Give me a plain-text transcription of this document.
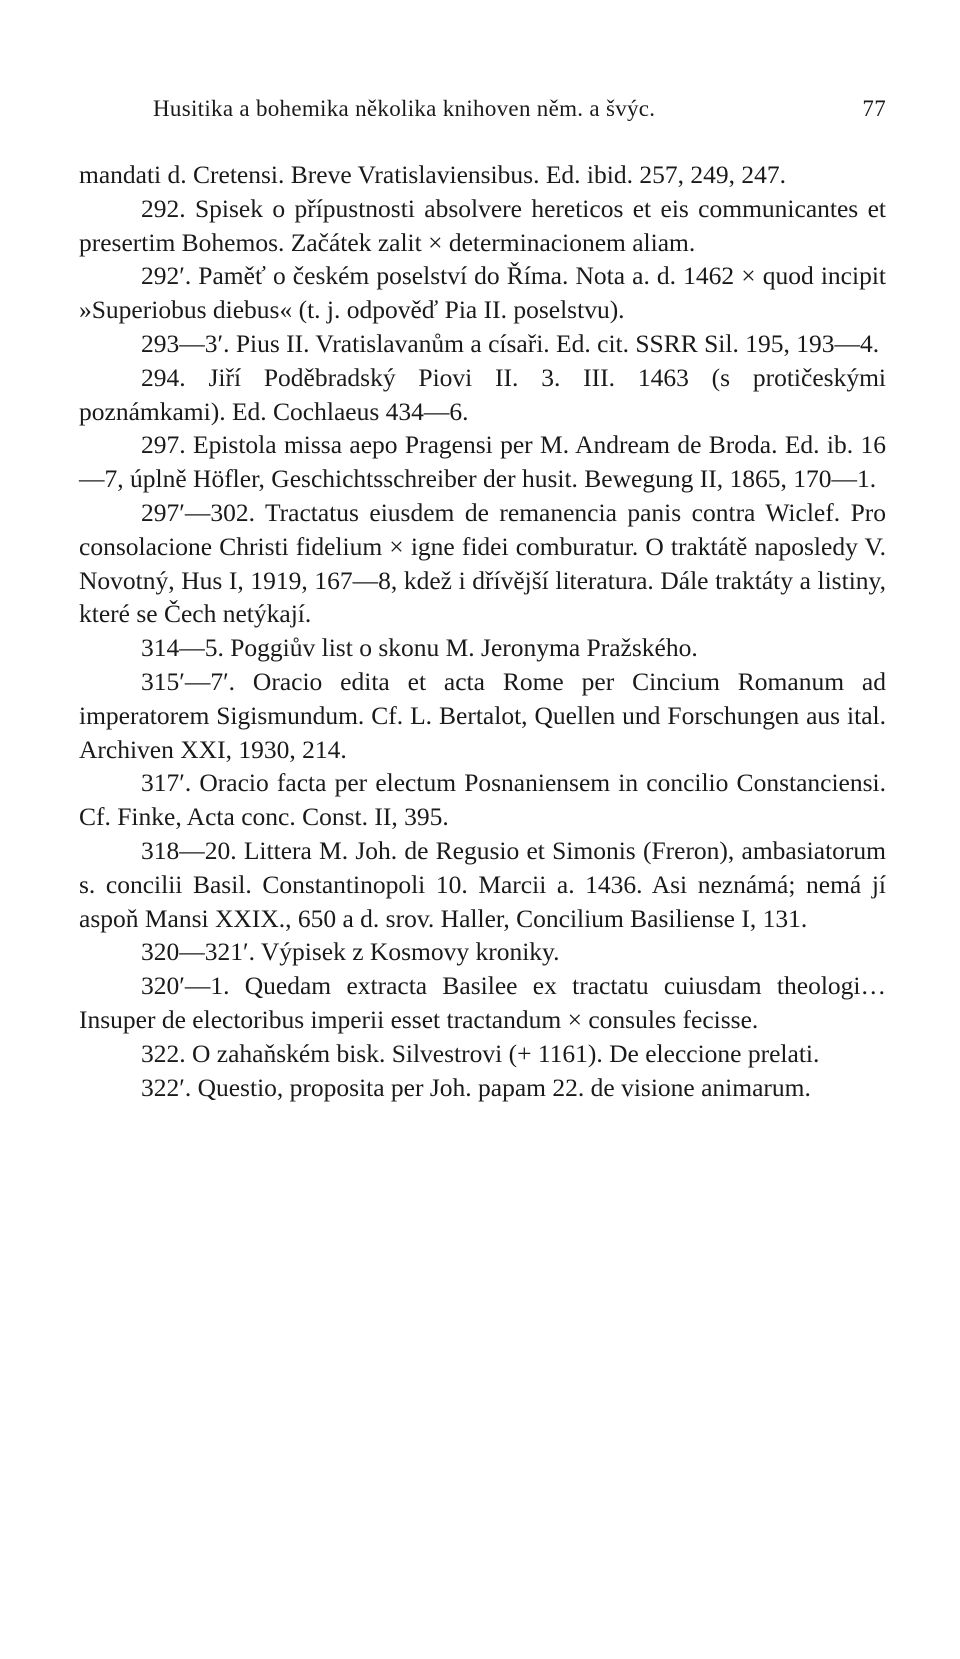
Husitika a bohemika několika knihoven něm. a švýc.	77

mandati d. Cretensi. Breve Vratislaviensibus. Ed. ibid. 257, 249, 247.

292. Spisek o přípustnosti absolvere hereticos et eis communicantes et presertim Bohemos. Začátek zalit × determinacionem aliam.

292′. Paměť o českém poselství do Říma. Nota a. d. 1462 × quod incipit »Superiobus diebus« (t. j. odpověď Pia II. poselstvu).

293—3′. Pius II. Vratislavanům a císaři. Ed. cit. SSRR Sil. 195, 193—4.

294. Jiří Poděbradský Piovi II. 3. III. 1463 (s protičeskými poznámkami). Ed. Cochlaeus 434—6.

297. Epistola missa aepo Pragensi per M. Andream de Broda. Ed. ib. 16—7, úplně Höfler, Geschichtsschreiber der husit. Bewegung II, 1865, 170—1.

297′—302. Tractatus eiusdem de remanencia panis contra Wiclef. Pro consolacione Christi fidelium × igne fidei comburatur. O traktátě naposledy V. Novotný, Hus I, 1919, 167—8, kdež i dřívější literatura. Dále traktáty a listiny, které se Čech netýkají.

314—5. Poggiův list o skonu M. Jeronyma Pražského.

315′—7′. Oracio edita et acta Rome per Cincium Romanum ad imperatorem Sigismundum. Cf. L. Bertalot, Quellen und Forschungen aus ital. Archiven XXI, 1930, 214.

317′. Oracio facta per electum Posnaniensem in concilio Constanciensi. Cf. Finke, Acta conc. Const. II, 395.

318—20. Littera M. Joh. de Regusio et Simonis (Freron), ambasiatorum s. concilii Basil. Constantinopoli 10. Marcii a. 1436. Asi neznámá; nemá jí aspoň Mansi XXIX., 650 a d. srov. Haller, Concilium Basiliense I, 131.

320—321′. Výpisek z Kosmovy kroniky.

320′—1. Quedam extracta Basilee ex tractatu cuiusdam theologi… Insuper de electoribus imperii esset tractandum × consules fecisse.

322. O zahaňském bisk. Silvestrovi (+ 1161). De eleccione prelati.

322′. Questio, proposita per Joh. papam 22. de visione animarum.
